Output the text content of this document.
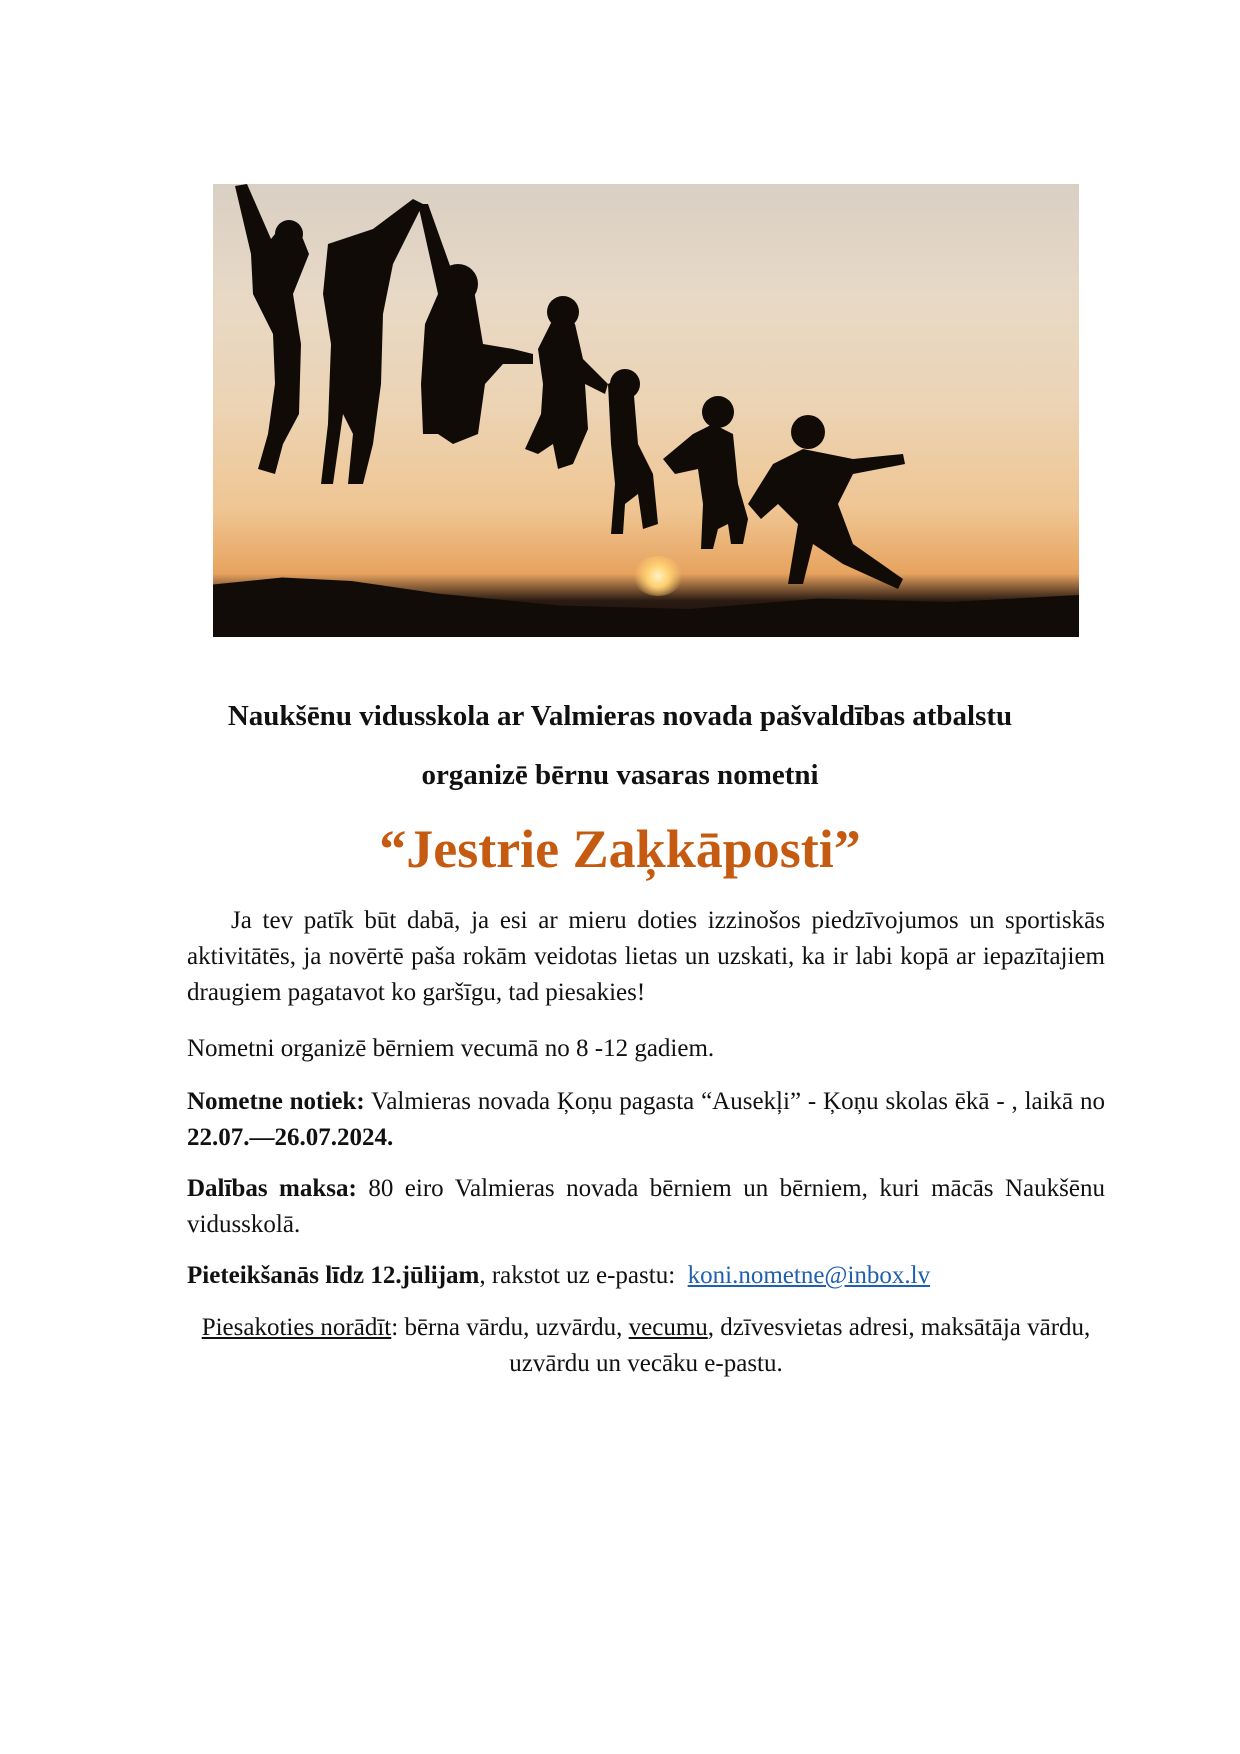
Naukšēnu vidusskola ar Valmieras novada pašvaldības atbalstu
organizē bērnu vasaras nometni
“Jestrie Zaķkāposti”
Ja tev patīk būt dabā, ja esi ar mieru doties izzinošos piedzīvojumos un sportiskās aktivitātēs, ja novērtē paša rokām veidotas lietas un uzskati, ka ir labi kopā ar iepazītajiem draugiem pagatavot ko garšīgu, tad piesakies!
Nometni organizē bērniem vecumā no 8 -12 gadiem.
Nometne notiek: Valmieras novada Ķoņu pagasta “Ausekļi” - Ķoņu skolas ēkā - , laikā no 22.07.—26.07.2024.
Dalības maksa: 80 eiro Valmieras novada bērniem un bērniem, kuri mācās Naukšēnu vidusskolā.
Pieteikšanās līdz 12.jūlijam, rakstot uz e-pastu:  koni.nometne@inbox.lv
Piesakoties norādīt: bērna vārdu, uzvārdu, vecumu, dzīvesvietas adresi, maksātāja vārdu, uzvārdu un vecāku e-pastu.
